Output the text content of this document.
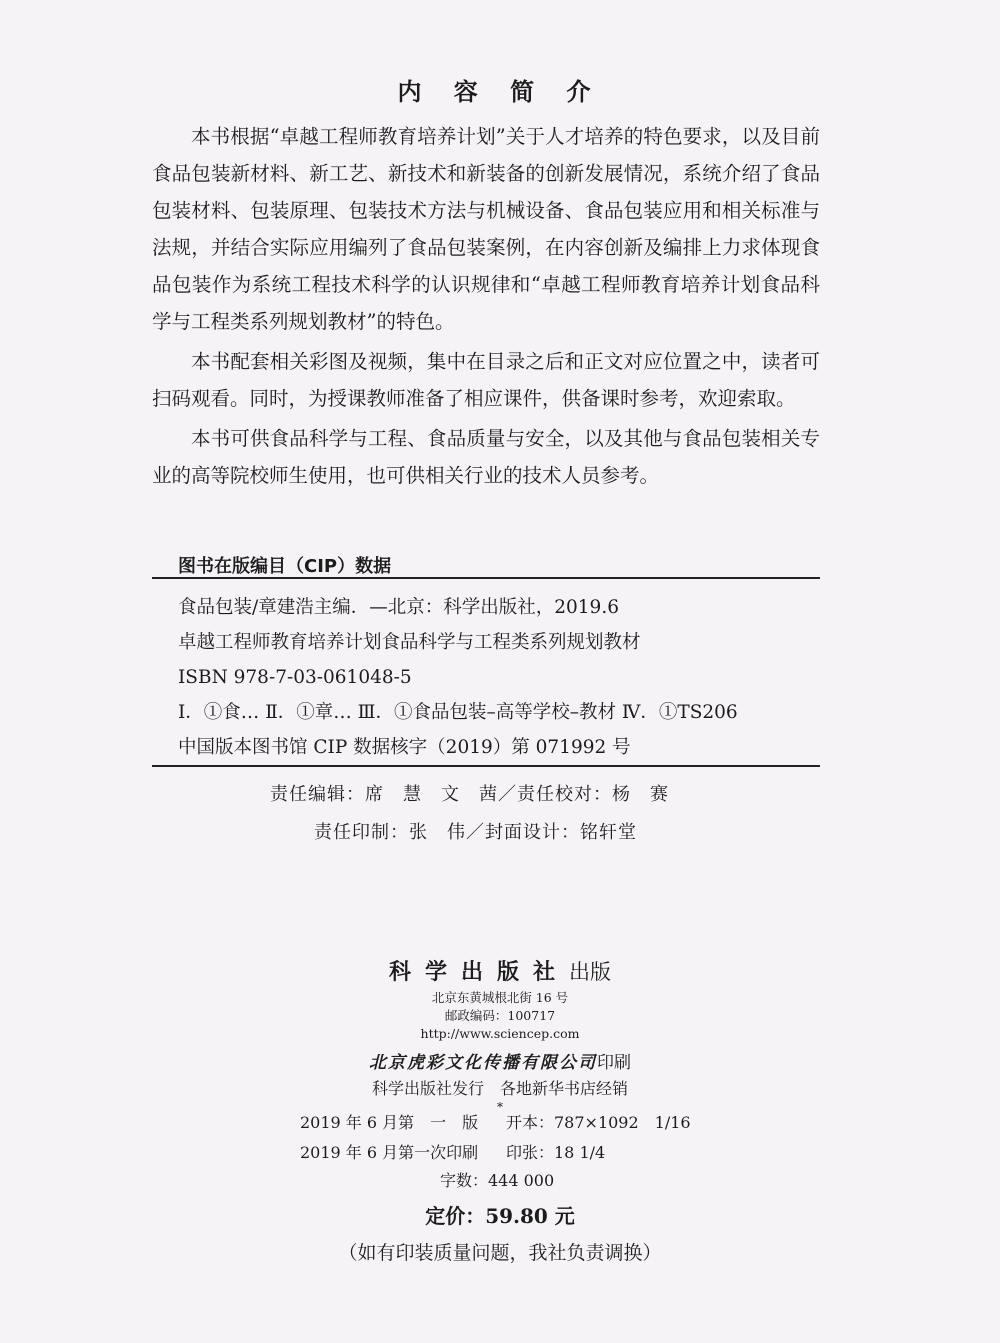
内 容 简 介

本书根据“卓越工程师教育培养计划”关于人才培养的特色要求，以及目前食品包装新材料、新工艺、新技术和新装备的创新发展情况，系统介绍了食品包装材料、包装原理、包装技术方法与机械设备、食品包装应用和相关标准与法规，并结合实际应用编列了食品包装案例，在内容创新及编排上力求体现食品包装作为系统工程技术科学的认识规律和“卓越工程师教育培养计划食品科学与工程类系列规划教材”的特色。

本书配套相关彩图及视频，集中在目录之后和正文对应位置之中，读者可扫码观看。同时，为授课教师准备了相应课件，供备课时参考，欢迎索取。

本书可供食品科学与工程、食品质量与安全，以及其他与食品包装相关专业的高等院校师生使用，也可供相关行业的技术人员参考。

图书在版编目（CIP）数据
食品包装/章建浩主编．—北京：科学出版社，2019.6
卓越工程师教育培养计划食品科学与工程类系列规划教材
ISBN 978-7-03-061048-5
Ⅰ．①食… Ⅱ．①章… Ⅲ．①食品包装–高等学校–教材 Ⅳ．①TS206
中国版本图书馆 CIP 数据核字（2019）第 071992 号
责任编辑：席　慧　文　茜／责任校对：杨　赛
责任印制：张　伟／封面设计：铭轩堂
科学出版社出版
北京东黄城根北街 16 号
邮政编码：100717
http://www.sciencep.com
北京虎彩文化传播有限公司印刷
科学出版社发行　各地新华书店经销
*
2019 年 6 月第　一　版 开本：787×1092　1/16
2019 年 6 月第一次印刷 印张：18 1/4
字数：444 000
定价：59.80 元
（如有印装质量问题，我社负责调换）
